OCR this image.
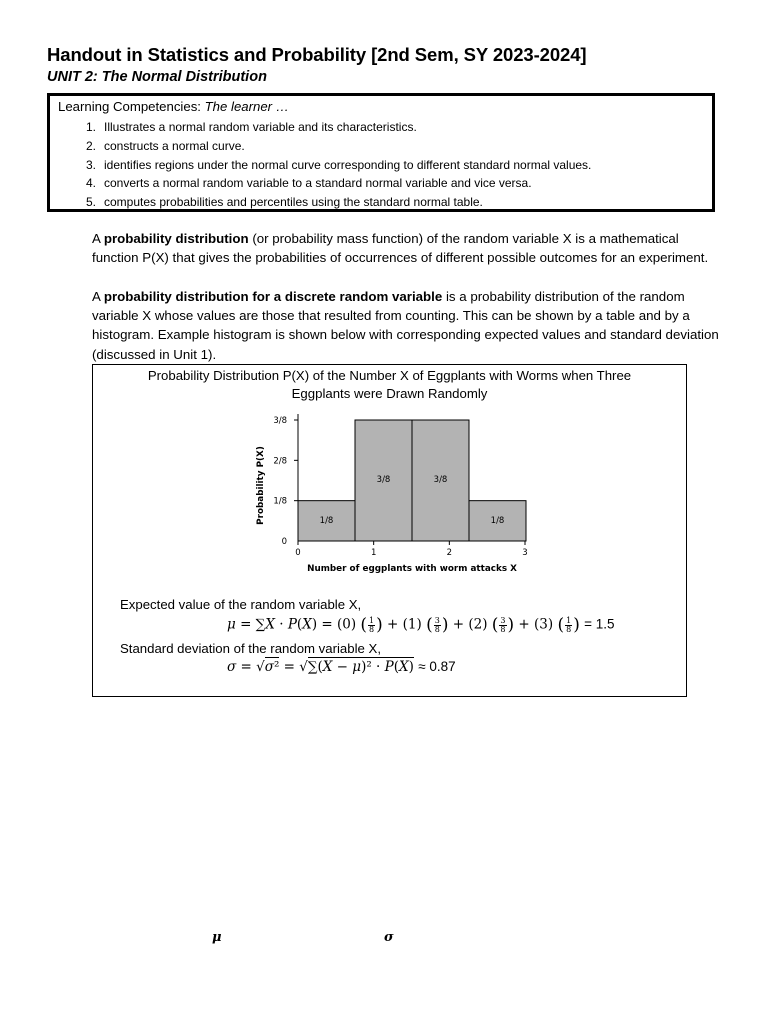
Handout in Statistics and Probability [2nd Sem, SY 2023-2024]
UNIT 2: The Normal Distribution
Learning Competencies: The learner …
1. Illustrates a normal random variable and its characteristics.
2. constructs a normal curve.
3. identifies regions under the normal curve corresponding to different standard normal values.
4. converts a normal random variable to a standard normal variable and vice versa.
5. computes probabilities and percentiles using the standard normal table.

A probability distribution (or probability mass function) of the random variable X is a mathematical function P(X) that gives the probabilities of occurrences of different possible outcomes for an experiment.

A probability distribution for a discrete random variable is a probability distribution of the random variable X whose values are those that resulted from counting. This can be shown by a table and by a histogram. Example histogram is shown below with corresponding expected values and standard deviation (discussed in Unit 1).

Probability Distribution P(X) of the Number X of Eggplants with Worms when Three
Eggplants were Drawn Randomly
1/8
0
3/8
1
3/8
2
1/8
3
0
1/8
2/8
3/8
Number of eggplants with worm attacks X
Probability P(X)
Expected value of the random variable X,
μ = ∑X · P(X) = (0) ( $\frac{1}{8}$ ) + (1) ( $\frac{3}{8}$ ) + (2) ( $\frac{3}{8}$ ) + (3) ( $\frac{1}{8}$ ) = 1.5
Standard deviation of the random variable X,
σ = √σ² = √∑(X − μ)² · P(X) ≈ 0.87
μ	σ
